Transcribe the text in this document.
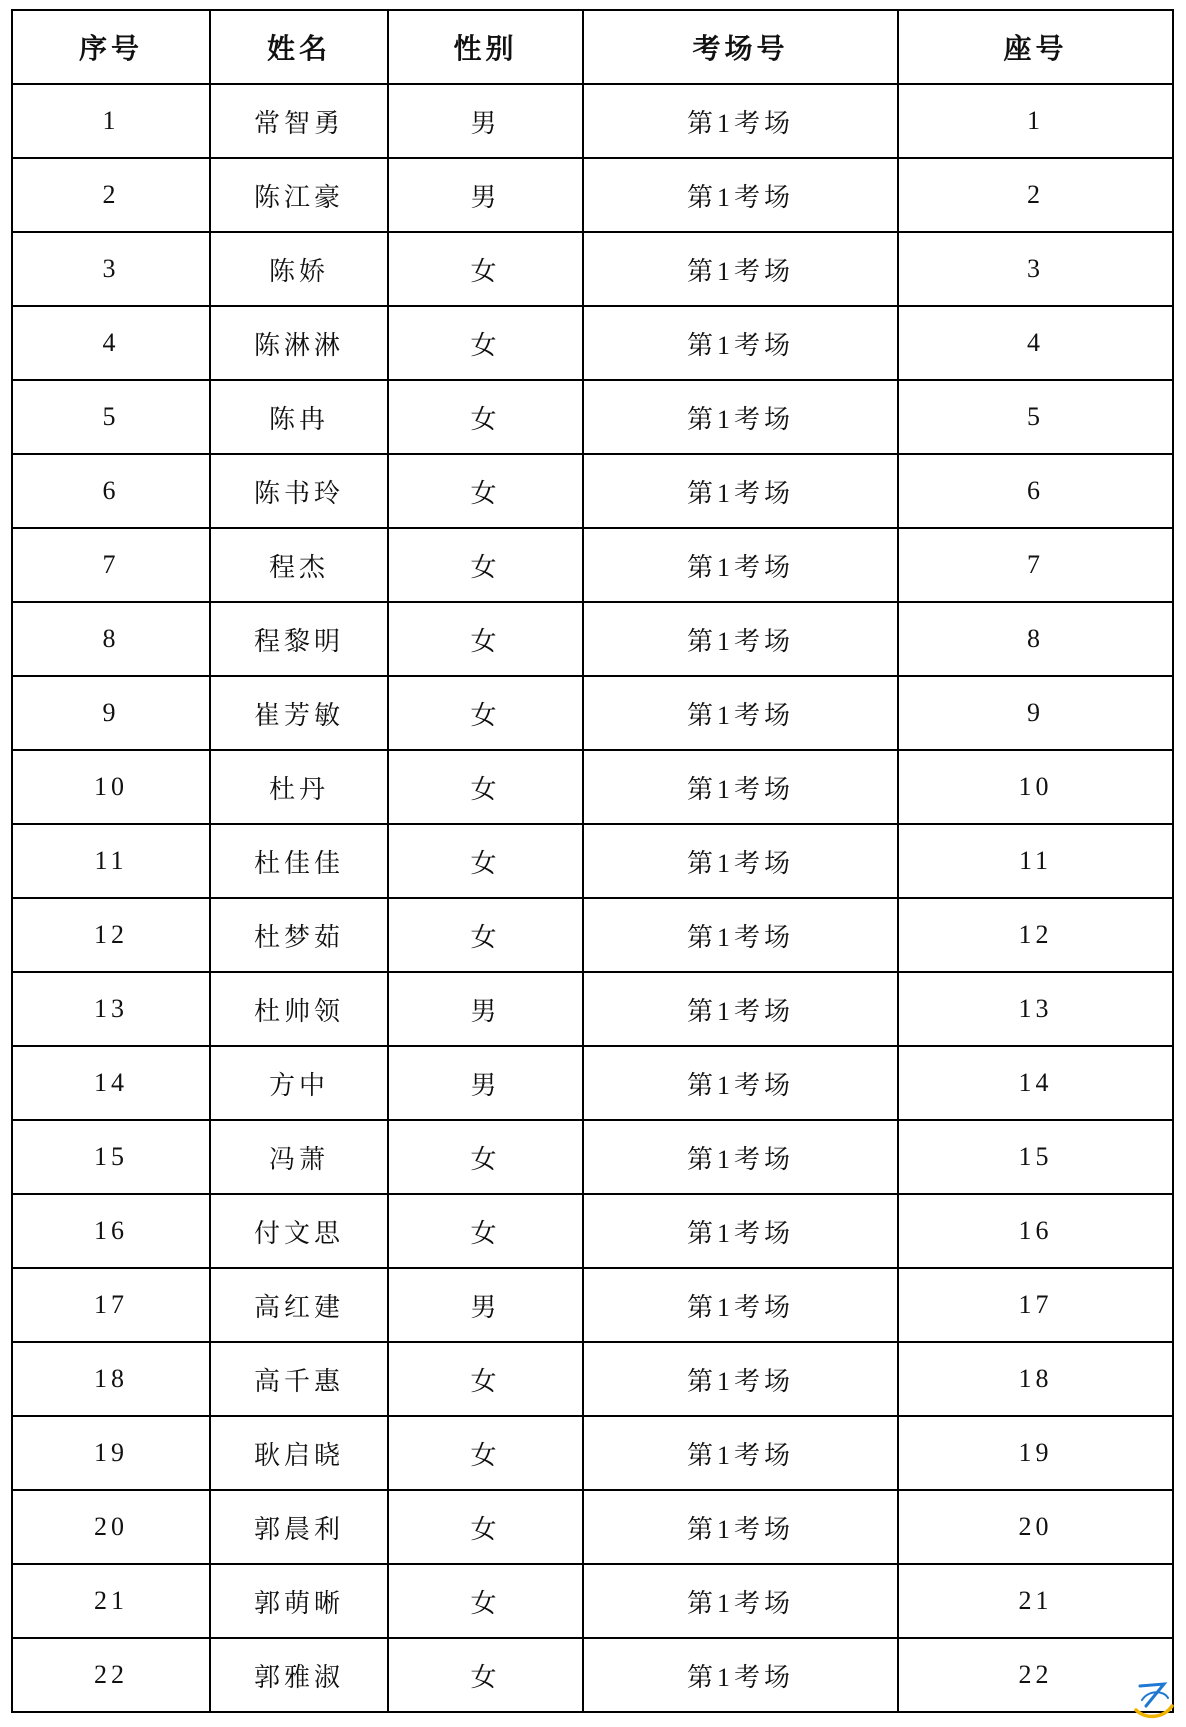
序号	姓名	性别	考场号	座号
1	常智勇	男	第1考场	1
2	陈江豪	男	第1考场	2
3	陈娇	女	第1考场	3
4	陈淋淋	女	第1考场	4
5	陈冉	女	第1考场	5
6	陈书玲	女	第1考场	6
7	程杰	女	第1考场	7
8	程黎明	女	第1考场	8
9	崔芳敏	女	第1考场	9
10	杜丹	女	第1考场	10
11	杜佳佳	女	第1考场	11
12	杜梦茹	女	第1考场	12
13	杜帅领	男	第1考场	13
14	方中	男	第1考场	14
15	冯萧	女	第1考场	15
16	付文思	女	第1考场	16
17	高红建	男	第1考场	17
18	高千惠	女	第1考场	18
19	耿启晓	女	第1考场	19
20	郭晨利	女	第1考场	20
21	郭萌晰	女	第1考场	21
22	郭雅淑	女	第1考场	22
